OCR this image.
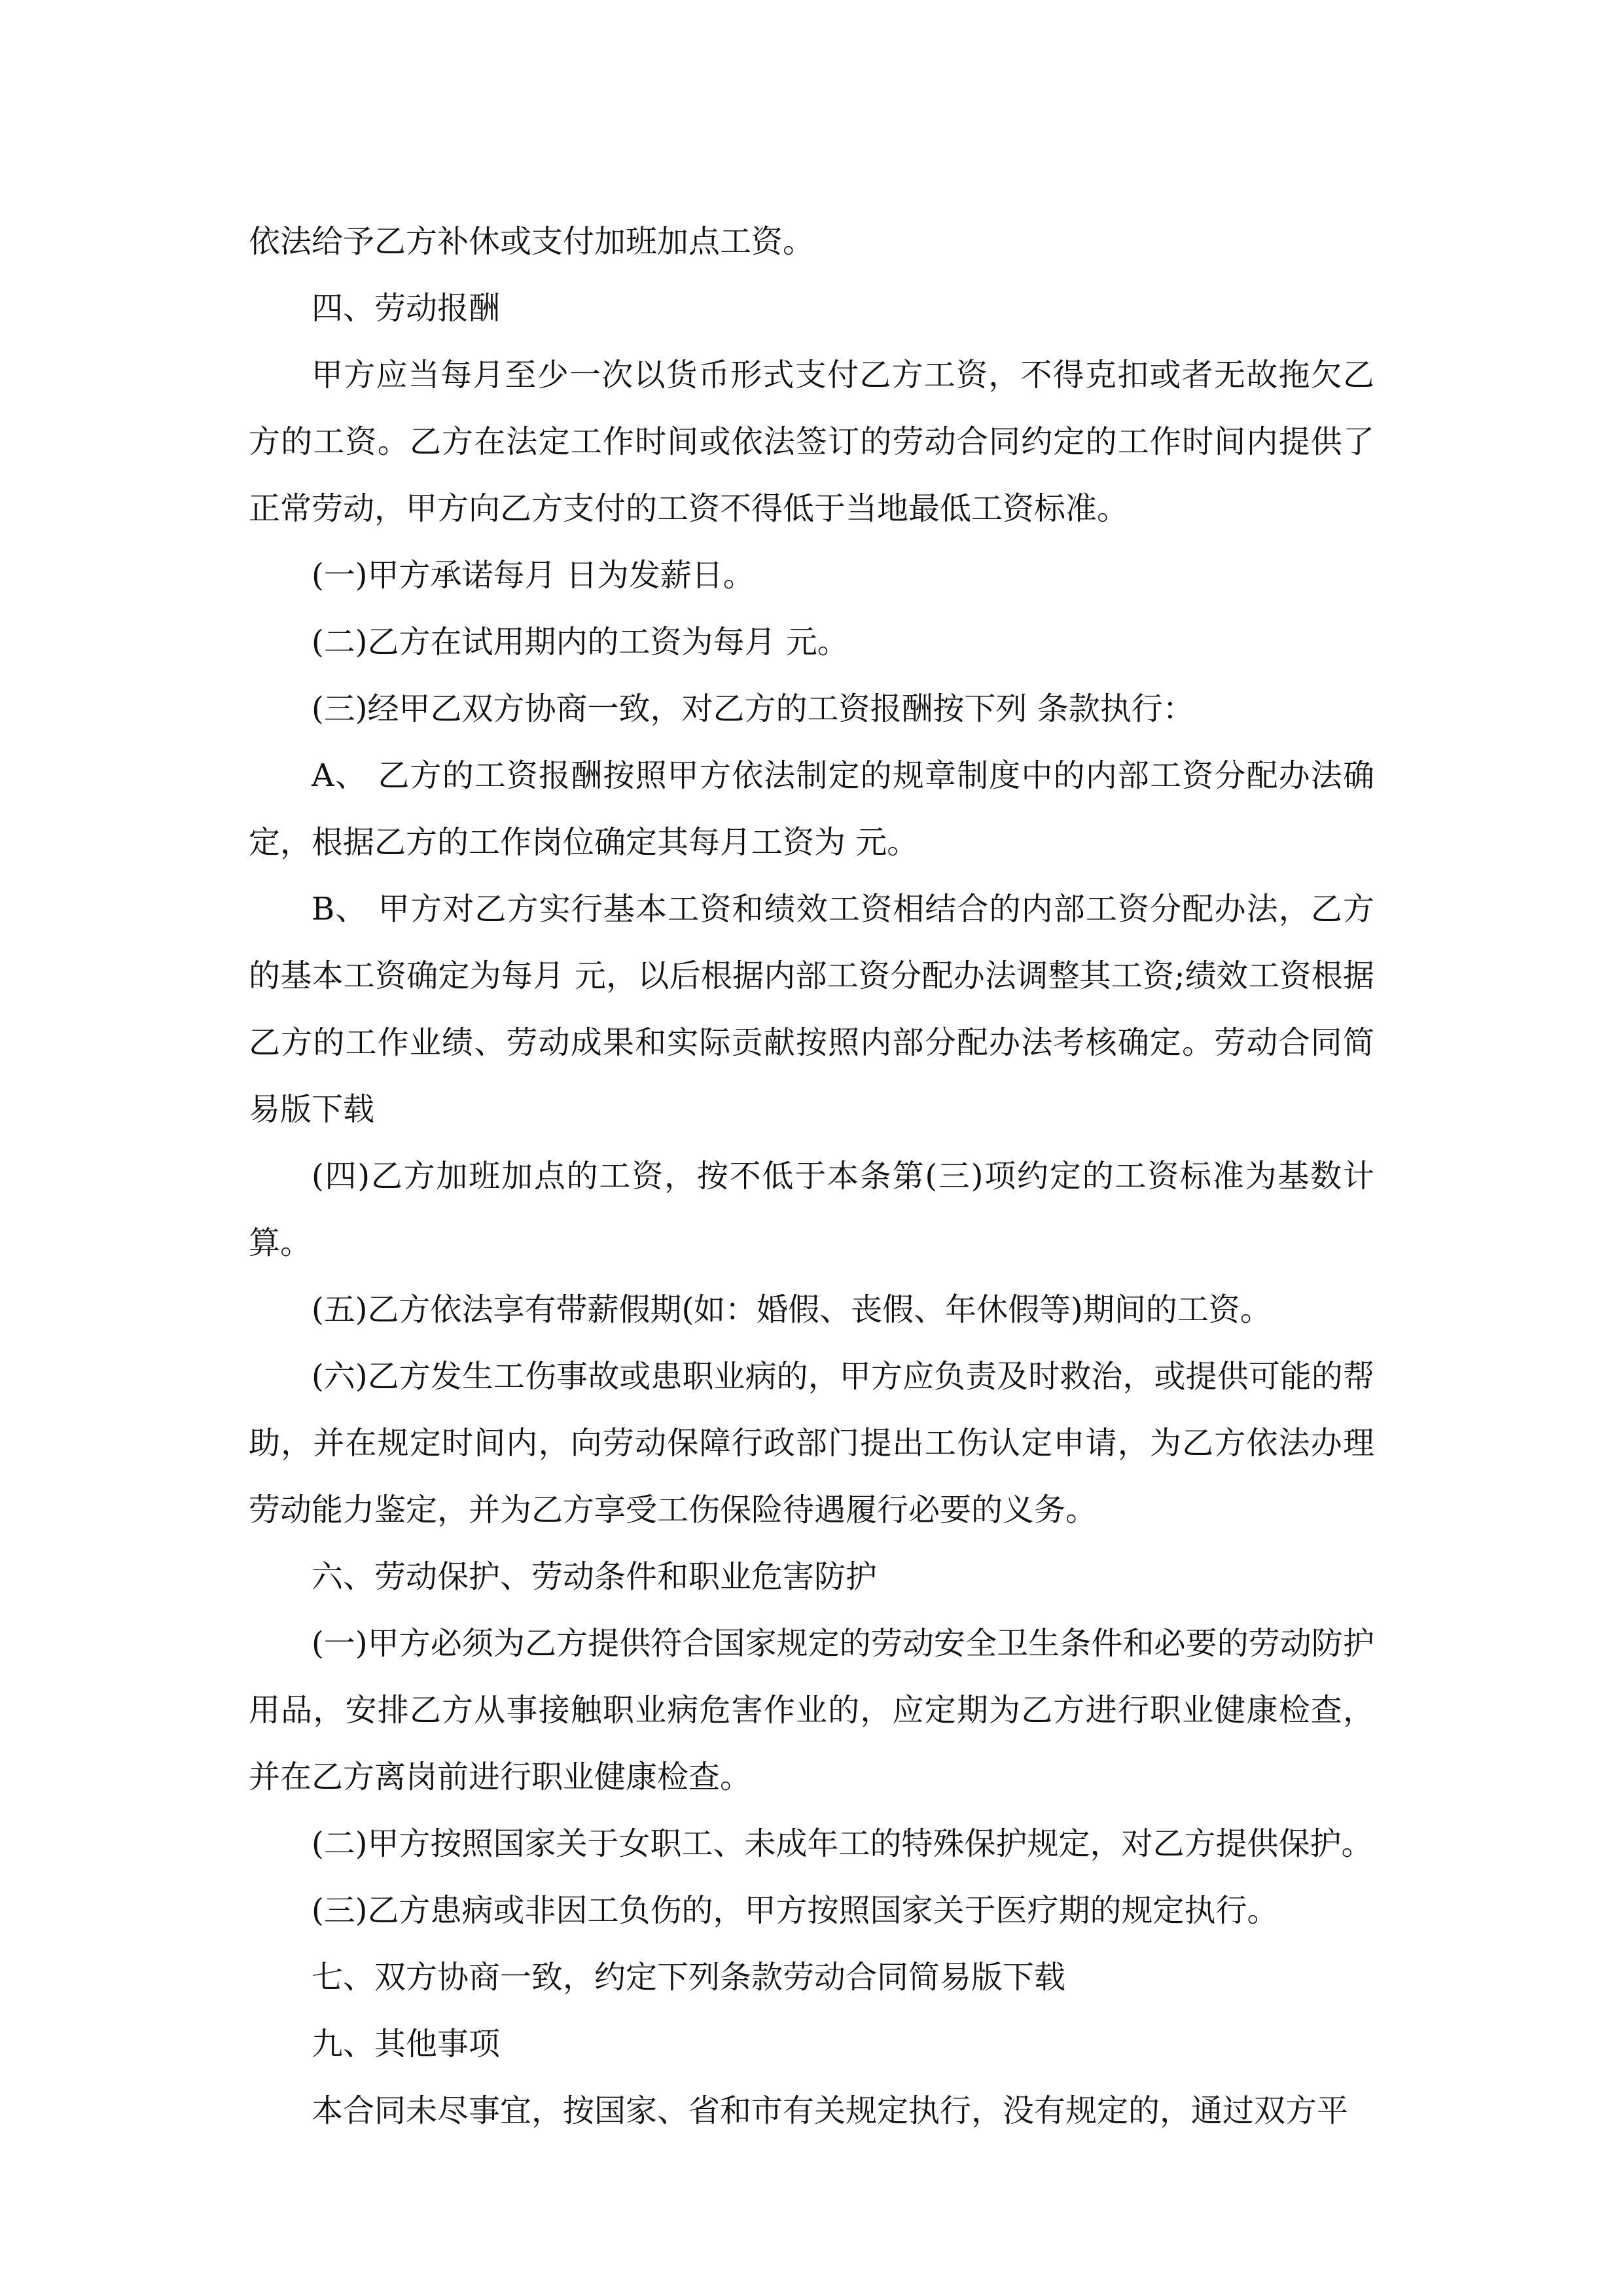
依法给予乙方补休或支付加班加点工资。

四、劳动报酬

甲方应当每月至少一次以货币形式支付乙方工资，不得克扣或者无故拖欠乙方的工资。乙方在法定工作时间或依法签订的劳动合同约定的工作时间内提供了正常劳动，甲方向乙方支付的工资不得低于当地最低工资标准。

(一)甲方承诺每月 日为发薪日。

(二)乙方在试用期内的工资为每月 元。

(三)经甲乙双方协商一致，对乙方的工资报酬按下列 条款执行：

A、 乙方的工资报酬按照甲方依法制定的规章制度中的内部工资分配办法确定，根据乙方的工作岗位确定其每月工资为 元。

B、 甲方对乙方实行基本工资和绩效工资相结合的内部工资分配办法，乙方的基本工资确定为每月 元，以后根据内部工资分配办法调整其工资;绩效工资根据乙方的工作业绩、劳动成果和实际贡献按照内部分配办法考核确定。劳动合同简易版下载

(四)乙方加班加点的工资，按不低于本条第(三)项约定的工资标准为基数计算。

(五)乙方依法享有带薪假期(如：婚假、丧假、年休假等)期间的工资。

(六)乙方发生工伤事故或患职业病的，甲方应负责及时救治，或提供可能的帮助，并在规定时间内，向劳动保障行政部门提出工伤认定申请，为乙方依法办理劳动能力鉴定，并为乙方享受工伤保险待遇履行必要的义务。

六、劳动保护、劳动条件和职业危害防护

(一)甲方必须为乙方提供符合国家规定的劳动安全卫生条件和必要的劳动防护用品，安排乙方从事接触职业病危害作业的，应定期为乙方进行职业健康检查，并在乙方离岗前进行职业健康检查。

(二)甲方按照国家关于女职工、未成年工的特殊保护规定，对乙方提供保护。

(三)乙方患病或非因工负伤的，甲方按照国家关于医疗期的规定执行。

七、双方协商一致，约定下列条款劳动合同简易版下载

九、其他事项

本合同未尽事宜，按国家、省和市有关规定执行，没有规定的，通过双方平
